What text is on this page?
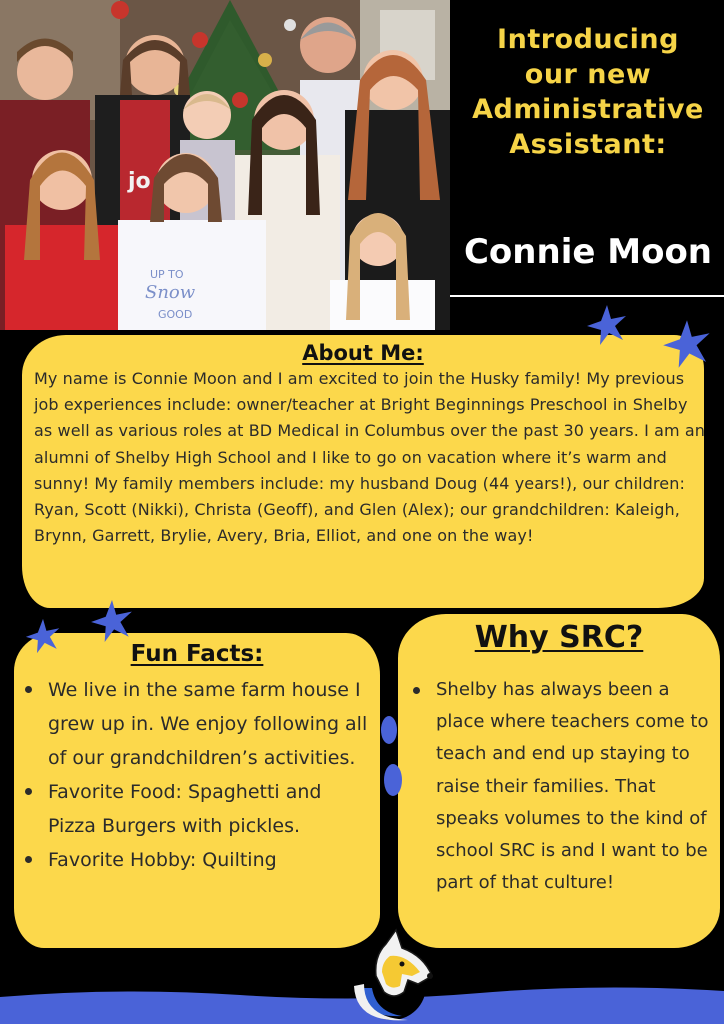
UP TO
Snow
GOOD
jo
Introducing
our new
Administrative
Assistant:
Connie Moon
About Me:

My name is Connie Moon and I am excited to join the Husky family! My previous job experiences include: owner/teacher at Bright Beginnings Preschool in Shelby as well as various roles at BD Medical in Columbus over the past 30 years. I am an alumni of Shelby High School and I like to go on vacation where it’s warm and sunny! My family members include: my husband Doug (44 years!), our children: Ryan, Scott (Nikki), Christa (Geoff), and Glen (Alex); our grandchildren: Kaleigh, Brynn, Garrett, Brylie, Avery, Bria, Elliot, and one on the way!

Fun Facts:
We live in the same farm house I grew up in. We enjoy following all of our grandchildren’s activities.
Favorite Food: Spaghetti and Pizza Burgers with pickles.
Favorite Hobby: Quilting
Why SRC?
Shelby has always been a place where teachers come to teach and end up staying to raise their families. That speaks volumes to the kind of school SRC is and I want to be part of that culture!
